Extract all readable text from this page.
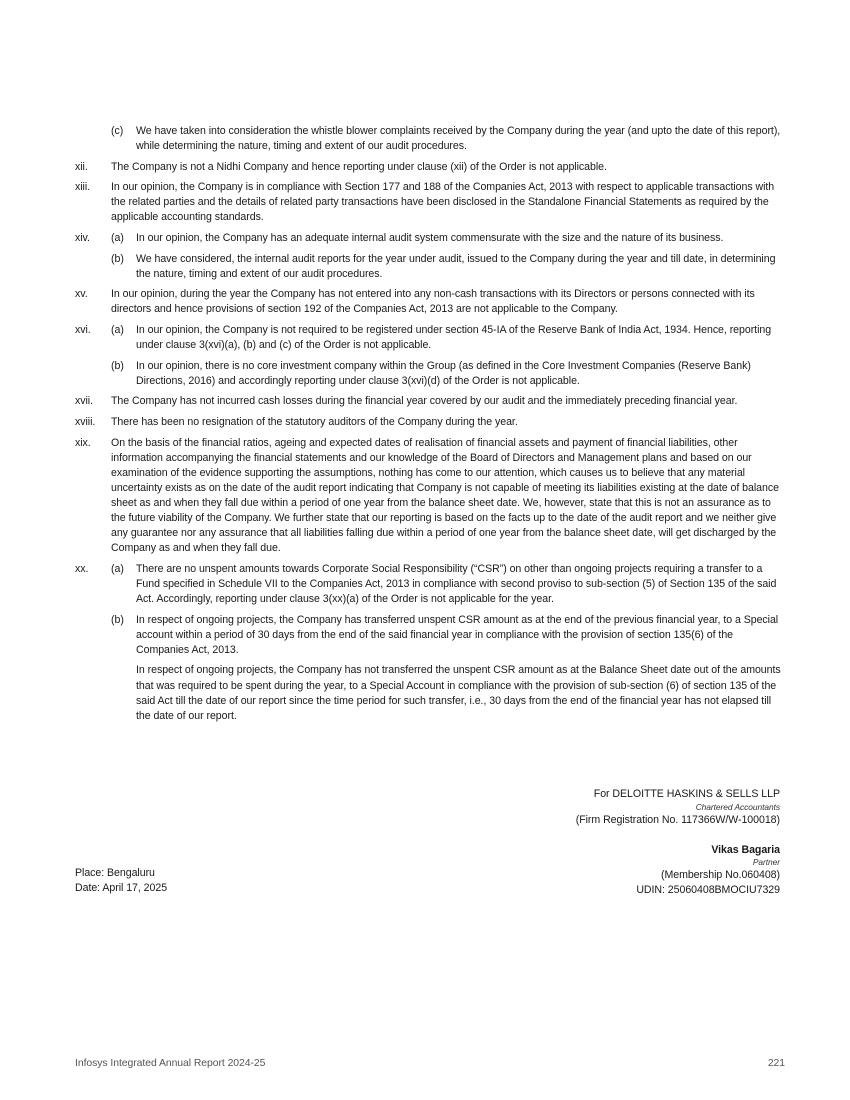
(c)	We have taken into consideration the whistle blower complaints received by the Company during the year (and upto the date of this report), while determining the nature, timing and extent of our audit procedures.
xii.	The Company is not a Nidhi Company and hence reporting under clause (xii) of the Order is not applicable.
xiii.	In our opinion, the Company is in compliance with Section 177 and 188 of the Companies Act, 2013 with respect to applicable transactions with the related parties and the details of related party transactions have been disclosed in the Standalone Financial Statements as required by the applicable accounting standards.
xiv.	(a)	In our opinion, the Company has an adequate internal audit system commensurate with the size and the nature of its business.
(b)	We have considered, the internal audit reports for the year under audit, issued to the Company during the year and till date, in determining the nature, timing and extent of our audit procedures.
xv.	In our opinion, during the year the Company has not entered into any non-cash transactions with its Directors or persons connected with its directors and hence provisions of section 192 of the Companies Act, 2013 are not applicable to the Company.
xvi.	(a)	In our opinion, the Company is not required to be registered under section 45-IA of the Reserve Bank of India Act, 1934. Hence, reporting under clause 3(xvi)(a), (b) and (c) of the Order is not applicable.
(b)	In our opinion, there is no core investment company within the Group (as defined in the Core Investment Companies (Reserve Bank) Directions, 2016) and accordingly reporting under clause 3(xvi)(d) of the Order is not applicable.
xvii.	The Company has not incurred cash losses during the financial year covered by our audit and the immediately preceding financial year.
xviii.	There has been no resignation of the statutory auditors of the Company during the year.
xix.	On the basis of the financial ratios, ageing and expected dates of realisation of financial assets and payment of financial liabilities, other information accompanying the financial statements and our knowledge of the Board of Directors and Management plans and based on our examination of the evidence supporting the assumptions, nothing has come to our attention, which causes us to believe that any material uncertainty exists as on the date of the audit report indicating that Company is not capable of meeting its liabilities existing at the date of balance sheet as and when they fall due within a period of one year from the balance sheet date. We, however, state that this is not an assurance as to the future viability of the Company. We further state that our reporting is based on the facts up to the date of the audit report and we neither give any guarantee nor any assurance that all liabilities falling due within a period of one year from the balance sheet date, will get discharged by the Company as and when they fall due.
xx.	(a)	There are no unspent amounts towards Corporate Social Responsibility (“CSR”) on other than ongoing projects requiring a transfer to a Fund specified in Schedule VII to the Companies Act, 2013 in compliance with second proviso to sub-section (5) of Section 135 of the said Act. Accordingly, reporting under clause 3(xx)(a) of the Order is not applicable for the year.
(b)	In respect of ongoing projects, the Company has transferred unspent CSR amount as at the end of the previous financial year, to a Special account within a period of 30 days from the end of the said financial year in compliance with the provision of section 135(6) of the Companies Act, 2013.
In respect of ongoing projects, the Company has not transferred the unspent CSR amount as at the Balance Sheet date out of the amounts that was required to be spent during the year, to a Special Account in compliance with the provision of sub-section (6) of section 135 of the said Act till the date of our report since the time period for such transfer, i.e., 30 days from the end of the financial year has not elapsed till the date of our report.
For DELOITTE HASKINS & SELLS LLP
Chartered Accountants
(Firm Registration No. 117366W/W-100018)
Vikas Bagaria
Partner
(Membership No.060408)
UDIN: 25060408BMOCIU7329
Place: Bengaluru
Date: April 17, 2025
Infosys Integrated Annual Report 2024-25	221
